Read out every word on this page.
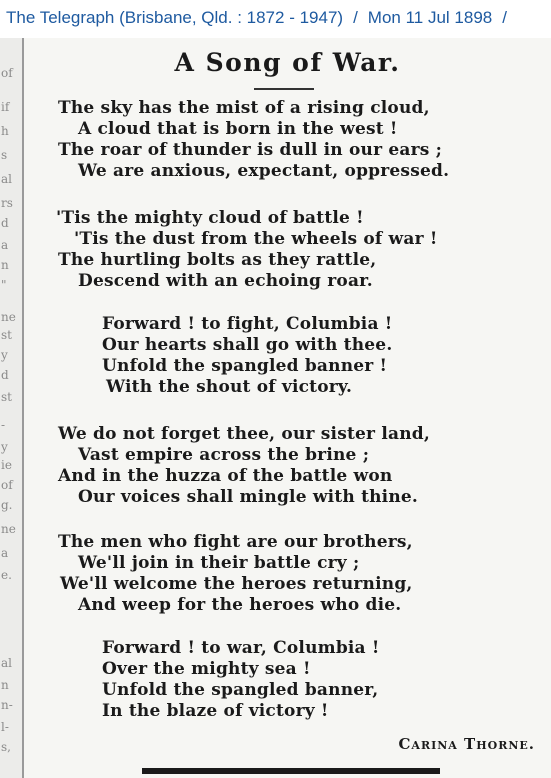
The Telegraph (Brisbane, Qld. : 1872 - 1947) / Mon 11 Jul 1898 /
of
if
h
s
al
rs
d
a
n
"
ne
st
y
d
st
-
y
ie
of
g.
ne
a
e.
al
n
n-
l-
s,
A Song of War.
The sky has the mist of a rising cloud,
A cloud that is born in the west !
The roar of thunder is dull in our ears ;
We are anxious, expectant, oppressed.
'Tis the mighty cloud of battle !
'Tis the dust from the wheels of war !
The hurtling bolts as they rattle,
Descend with an echoing roar.
Forward ! to fight, Columbia !
Our hearts shall go with thee.
Unfold the spangled banner !
With the shout of victory.
We do not forget thee, our sister land,
Vast empire across the brine ;
And in the huzza of the battle won
Our voices shall mingle with thine.
The men who fight are our brothers,
We'll join in their battle cry ;
We'll welcome the heroes returning,
And weep for the heroes who die.
Forward ! to war, Columbia !
Over the mighty sea !
Unfold the spangled banner,
In the blaze of victory !
Carina Thorne.
